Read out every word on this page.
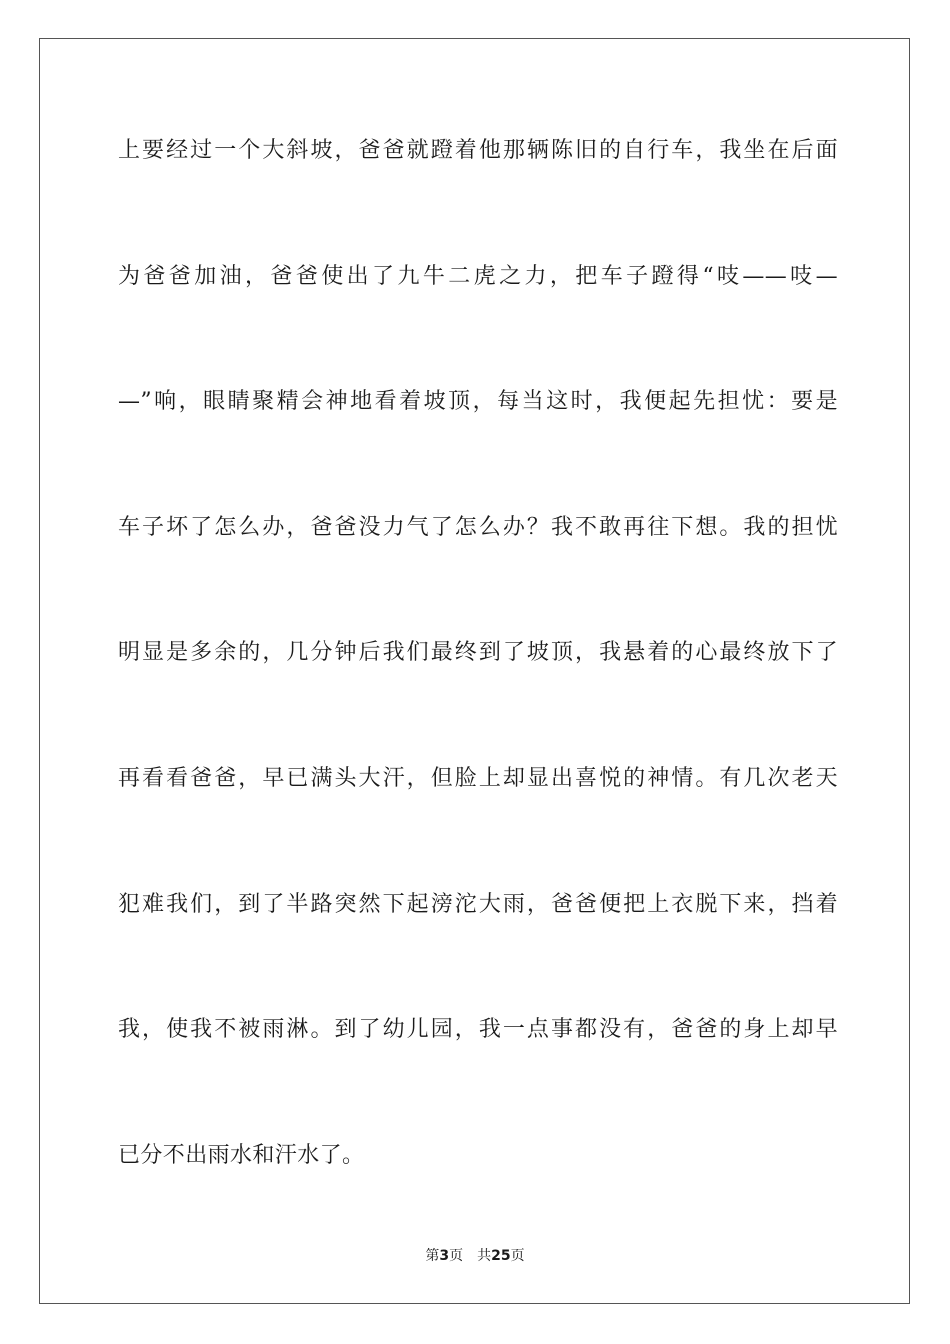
上要经过一个大斜坡，爸爸就蹬着他那辆陈旧的自行车，我坐在后面
为爸爸加油，爸爸使出了九牛二虎之力，把车子蹬得“吱——吱—
—”响，眼睛聚精会神地看着坡顶，每当这时，我便起先担忧：要是
车子坏了怎么办，爸爸没力气了怎么办？我不敢再往下想。我的担忧
明显是多余的，几分钟后我们最终到了坡顶，我悬着的心最终放下了
再看看爸爸，早已满头大汗，但脸上却显出喜悦的神情。有几次老天
犯难我们，到了半路突然下起滂沱大雨，爸爸便把上衣脱下来，挡着
我，使我不被雨淋。到了幼儿园，我一点事都没有，爸爸的身上却早
已分不出雨水和汗水了。
第3页 共25页
